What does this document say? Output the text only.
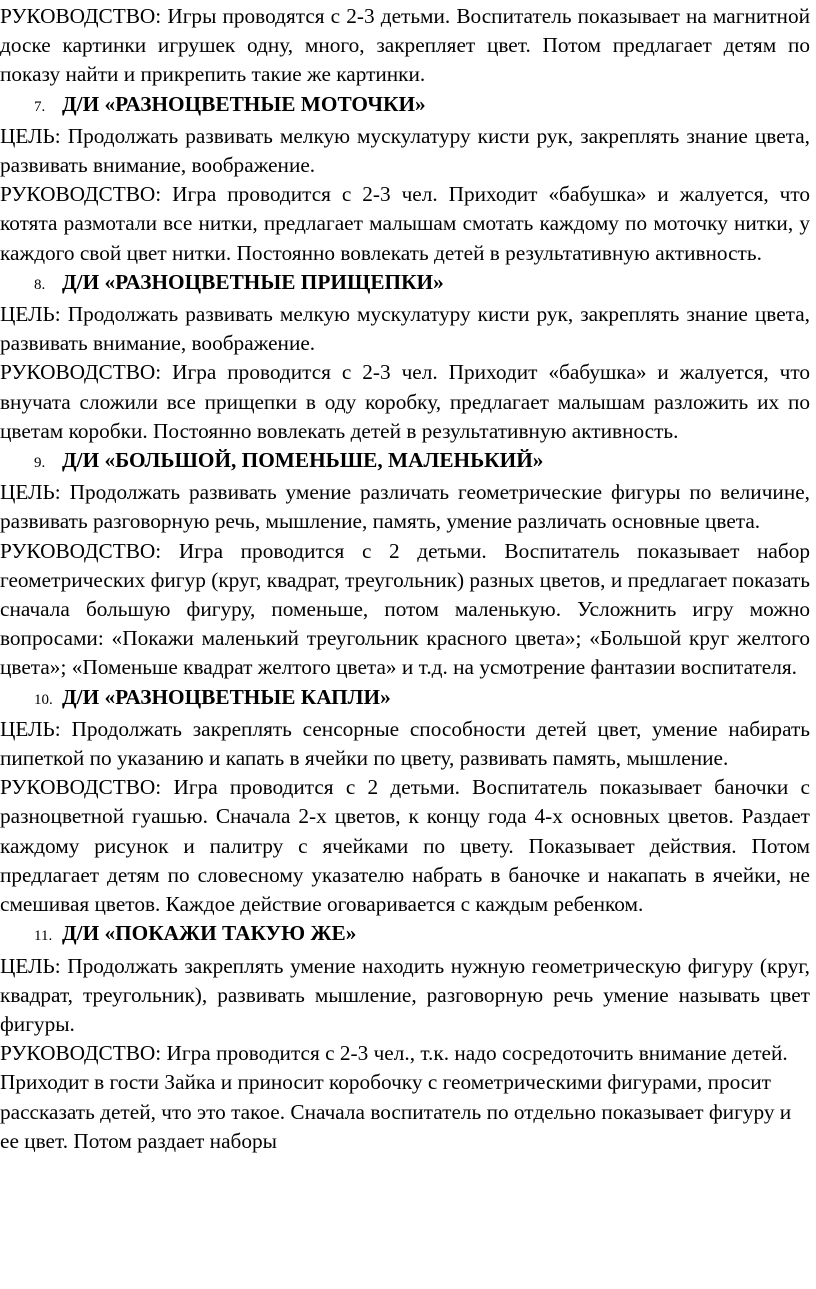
РУКОВОДСТВО: Игры проводятся с 2-3 детьми. Воспитатель показывает на магнитной доске картинки игрушек одну, много, закрепляет цвет. Потом предлагает детям по показу найти и прикрепить такие же картинки.

7. Д/И «РАЗНОЦВЕТНЫЕ МОТОЧКИ»

ЦЕЛЬ: Продолжать развивать мелкую мускулатуру кисти рук, закреплять знание цвета, развивать внимание, воображение.

РУКОВОДСТВО: Игра проводится с 2-3 чел. Приходит «бабушка» и жалуется, что котята размотали все нитки, предлагает малышам смотать каждому по моточку нитки, у каждого свой цвет нитки. Постоянно вовлекать детей в результативную активность.

8. Д/И «РАЗНОЦВЕТНЫЕ ПРИЩЕПКИ»

ЦЕЛЬ: Продолжать развивать мелкую мускулатуру кисти рук, закреплять знание цвета, развивать внимание, воображение.

РУКОВОДСТВО: Игра проводится с 2-3 чел. Приходит «бабушка» и жалуется, что внучата сложили все прищепки в оду коробку, предлагает малышам разложить их по цветам коробки. Постоянно вовлекать детей в результативную активность.

9. Д/И «БОЛЬШОЙ, ПОМЕНЬШЕ, МАЛЕНЬКИЙ»

ЦЕЛЬ: Продолжать развивать умение различать геометрические фигуры по величине, развивать разговорную речь, мышление, память, умение различать основные цвета.

РУКОВОДСТВО: Игра проводится с 2 детьми. Воспитатель показывает набор геометрических фигур (круг, квадрат, треугольник) разных цветов, и предлагает показать сначала большую фигуру, поменьше, потом маленькую. Усложнить игру можно вопросами: «Покажи маленький треугольник красного цвета»; «Большой круг желтого цвета»; «Поменьше квадрат желтого цвета» и т.д. на усмотрение фантазии воспитателя.

10. Д/И «РАЗНОЦВЕТНЫЕ КАПЛИ»

ЦЕЛЬ: Продолжать закреплять сенсорные способности детей цвет, умение набирать пипеткой по указанию и капать в ячейки по цвету, развивать память, мышление.

РУКОВОДСТВО: Игра проводится с 2 детьми. Воспитатель показывает баночки с разноцветной гуашью. Сначала 2-х цветов, к концу года 4-х основных цветов. Раздает каждому рисунок и палитру с ячейками по цвету. Показывает действия. Потом предлагает детям по словесному указателю набрать в баночке и накапать в ячейки, не смешивая цветов. Каждое действие оговаривается с каждым ребенком.

11. Д/И «ПОКАЖИ ТАКУЮ ЖЕ»

ЦЕЛЬ: Продолжать закреплять умение находить нужную геометрическую фигуру (круг, квадрат, треугольник), развивать мышление, разговорную речь умение называть цвет фигуры.

РУКОВОДСТВО: Игра проводится с 2-3 чел., т.к. надо сосредоточить внимание детей. Приходит в гости Зайка и приносит коробочку с геометрическими фигурами, просит рассказать детей, что это такое. Сначала воспитатель по отдельно показывает фигуру и ее цвет. Потом раздает наборы
